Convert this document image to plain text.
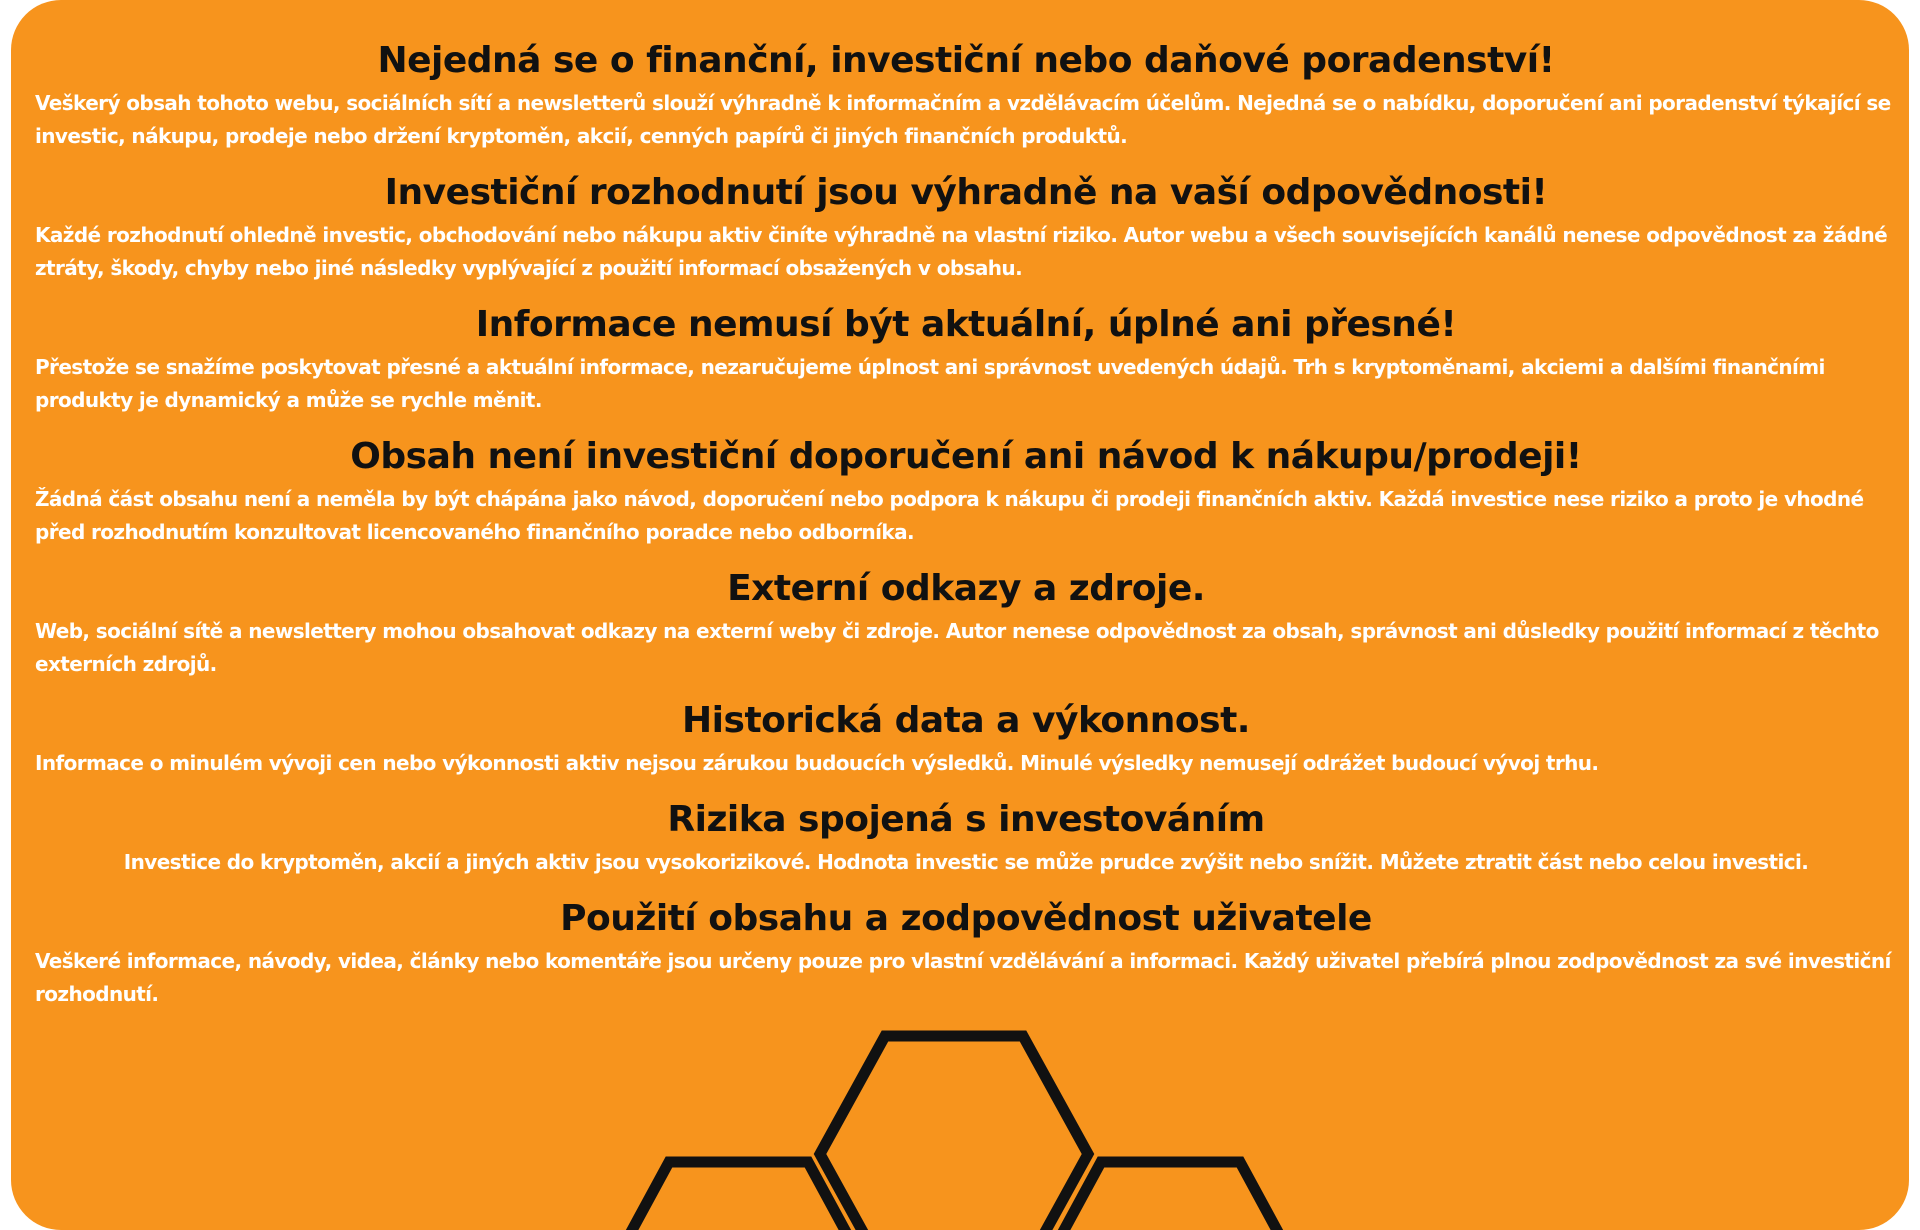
Nejedná se o finanční, investiční nebo daňové poradenství!

Veškerý obsah tohoto webu, sociálních sítí a newsletterů slouží výhradně k informačním a vzdělávacím účelům. Nejedná se o nabídku, doporučení ani poradenství týkající se investic, nákupu, prodeje nebo držení kryptoměn, akcií, cenných papírů či jiných finančních produktů.

Investiční rozhodnutí jsou výhradně na vaší odpovědnosti!

Každé rozhodnutí ohledně investic, obchodování nebo nákupu aktiv činíte výhradně na vlastní riziko. Autor webu a všech souvisejících kanálů nenese odpovědnost za žádné ztráty, škody, chyby nebo jiné následky vyplývající z použití informací obsažených v obsahu.

Informace nemusí být aktuální, úplné ani přesné!

Přestože se snažíme poskytovat přesné a aktuální informace, nezaručujeme úplnost ani správnost uvedených údajů. Trh s kryptoměnami, akciemi a dalšími finančními produkty je dynamický a může se rychle měnit.

Obsah není investiční doporučení ani návod k nákupu/prodeji!

Žádná část obsahu není a neměla by být chápána jako návod, doporučení nebo podpora k nákupu či prodeji finančních aktiv. Každá investice nese riziko a proto je vhodné před rozhodnutím konzultovat licencovaného finančního poradce nebo odborníka.

Externí odkazy a zdroje.

Web, sociální sítě a newslettery mohou obsahovat odkazy na externí weby či zdroje. Autor nenese odpovědnost za obsah, správnost ani důsledky použití informací z těchto externích zdrojů.

Historická data a výkonnost.

Informace o minulém vývoji cen nebo výkonnosti aktiv nejsou zárukou budoucích výsledků. Minulé výsledky nemusejí odrážet budoucí vývoj trhu.

Rizika spojená s investováním

Investice do kryptoměn, akcií a jiných aktiv jsou vysokorizikové. Hodnota investic se může prudce zvýšit nebo snížit. Můžete ztratit část nebo celou investici.

Použití obsahu a zodpovědnost uživatele

Veškeré informace, návody, videa, články nebo komentáře jsou určeny pouze pro vlastní vzdělávání a informaci. Každý uživatel přebírá plnou zodpovědnost za své investiční rozhodnutí.
